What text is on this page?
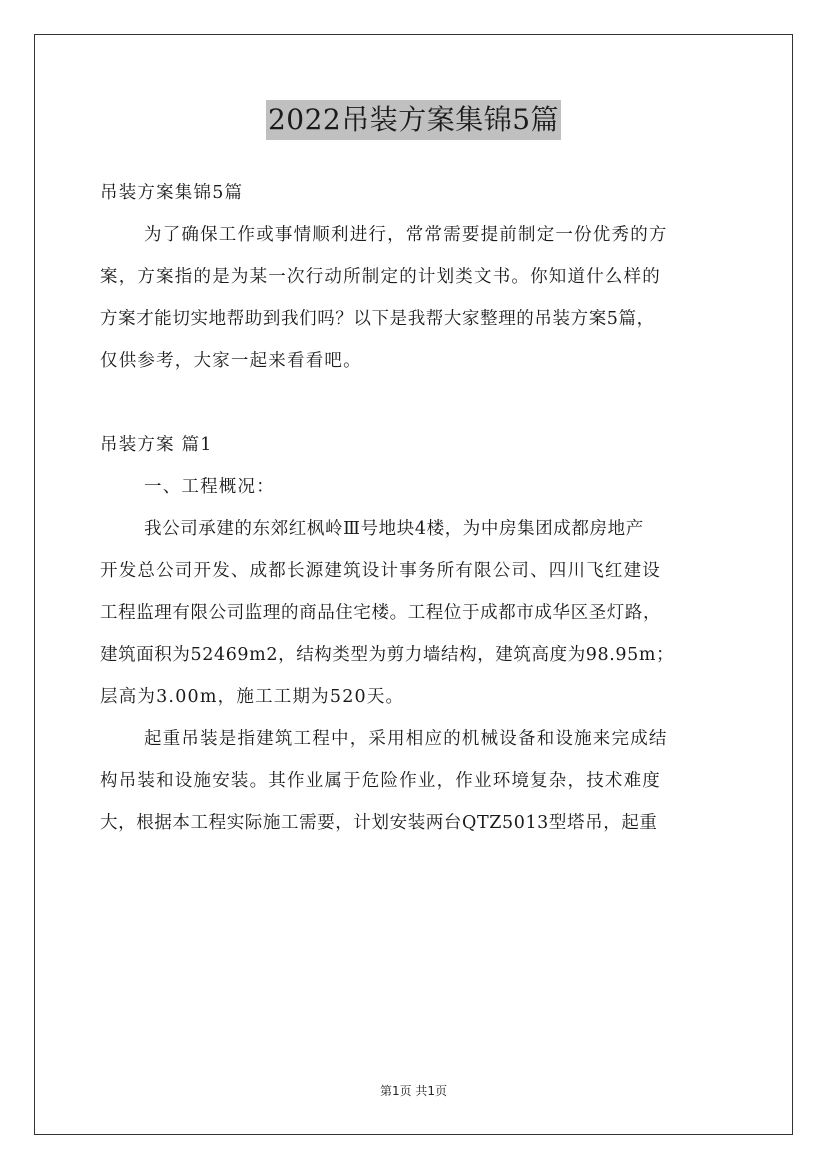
2022吊装方案集锦5篇
吊装方案集锦5篇
为了确保工作或事情顺利进行，常常需要提前制定一份优秀的方
案，方案指的是为某一次行动所制定的计划类文书。你知道什么样的
方案才能切实地帮助到我们吗？以下是我帮大家整理的吊装方案5篇，
仅供参考，大家一起来看看吧。
吊装方案 篇1
一、工程概况：
我公司承建的东郊红枫岭Ⅲ号地块4楼，为中房集团成都房地产
开发总公司开发、成都长源建筑设计事务所有限公司、四川飞红建设
工程监理有限公司监理的商品住宅楼。工程位于成都市成华区圣灯路，
建筑面积为52469m2，结构类型为剪力墙结构，建筑高度为98.95m；
层高为3.00m，施工工期为520天。
起重吊装是指建筑工程中，采用相应的机械设备和设施来完成结
构吊装和设施安装。其作业属于危险作业，作业环境复杂，技术难度
大，根据本工程实际施工需要，计划安装两台QTZ5013型塔吊，起重
第1页 共1页
